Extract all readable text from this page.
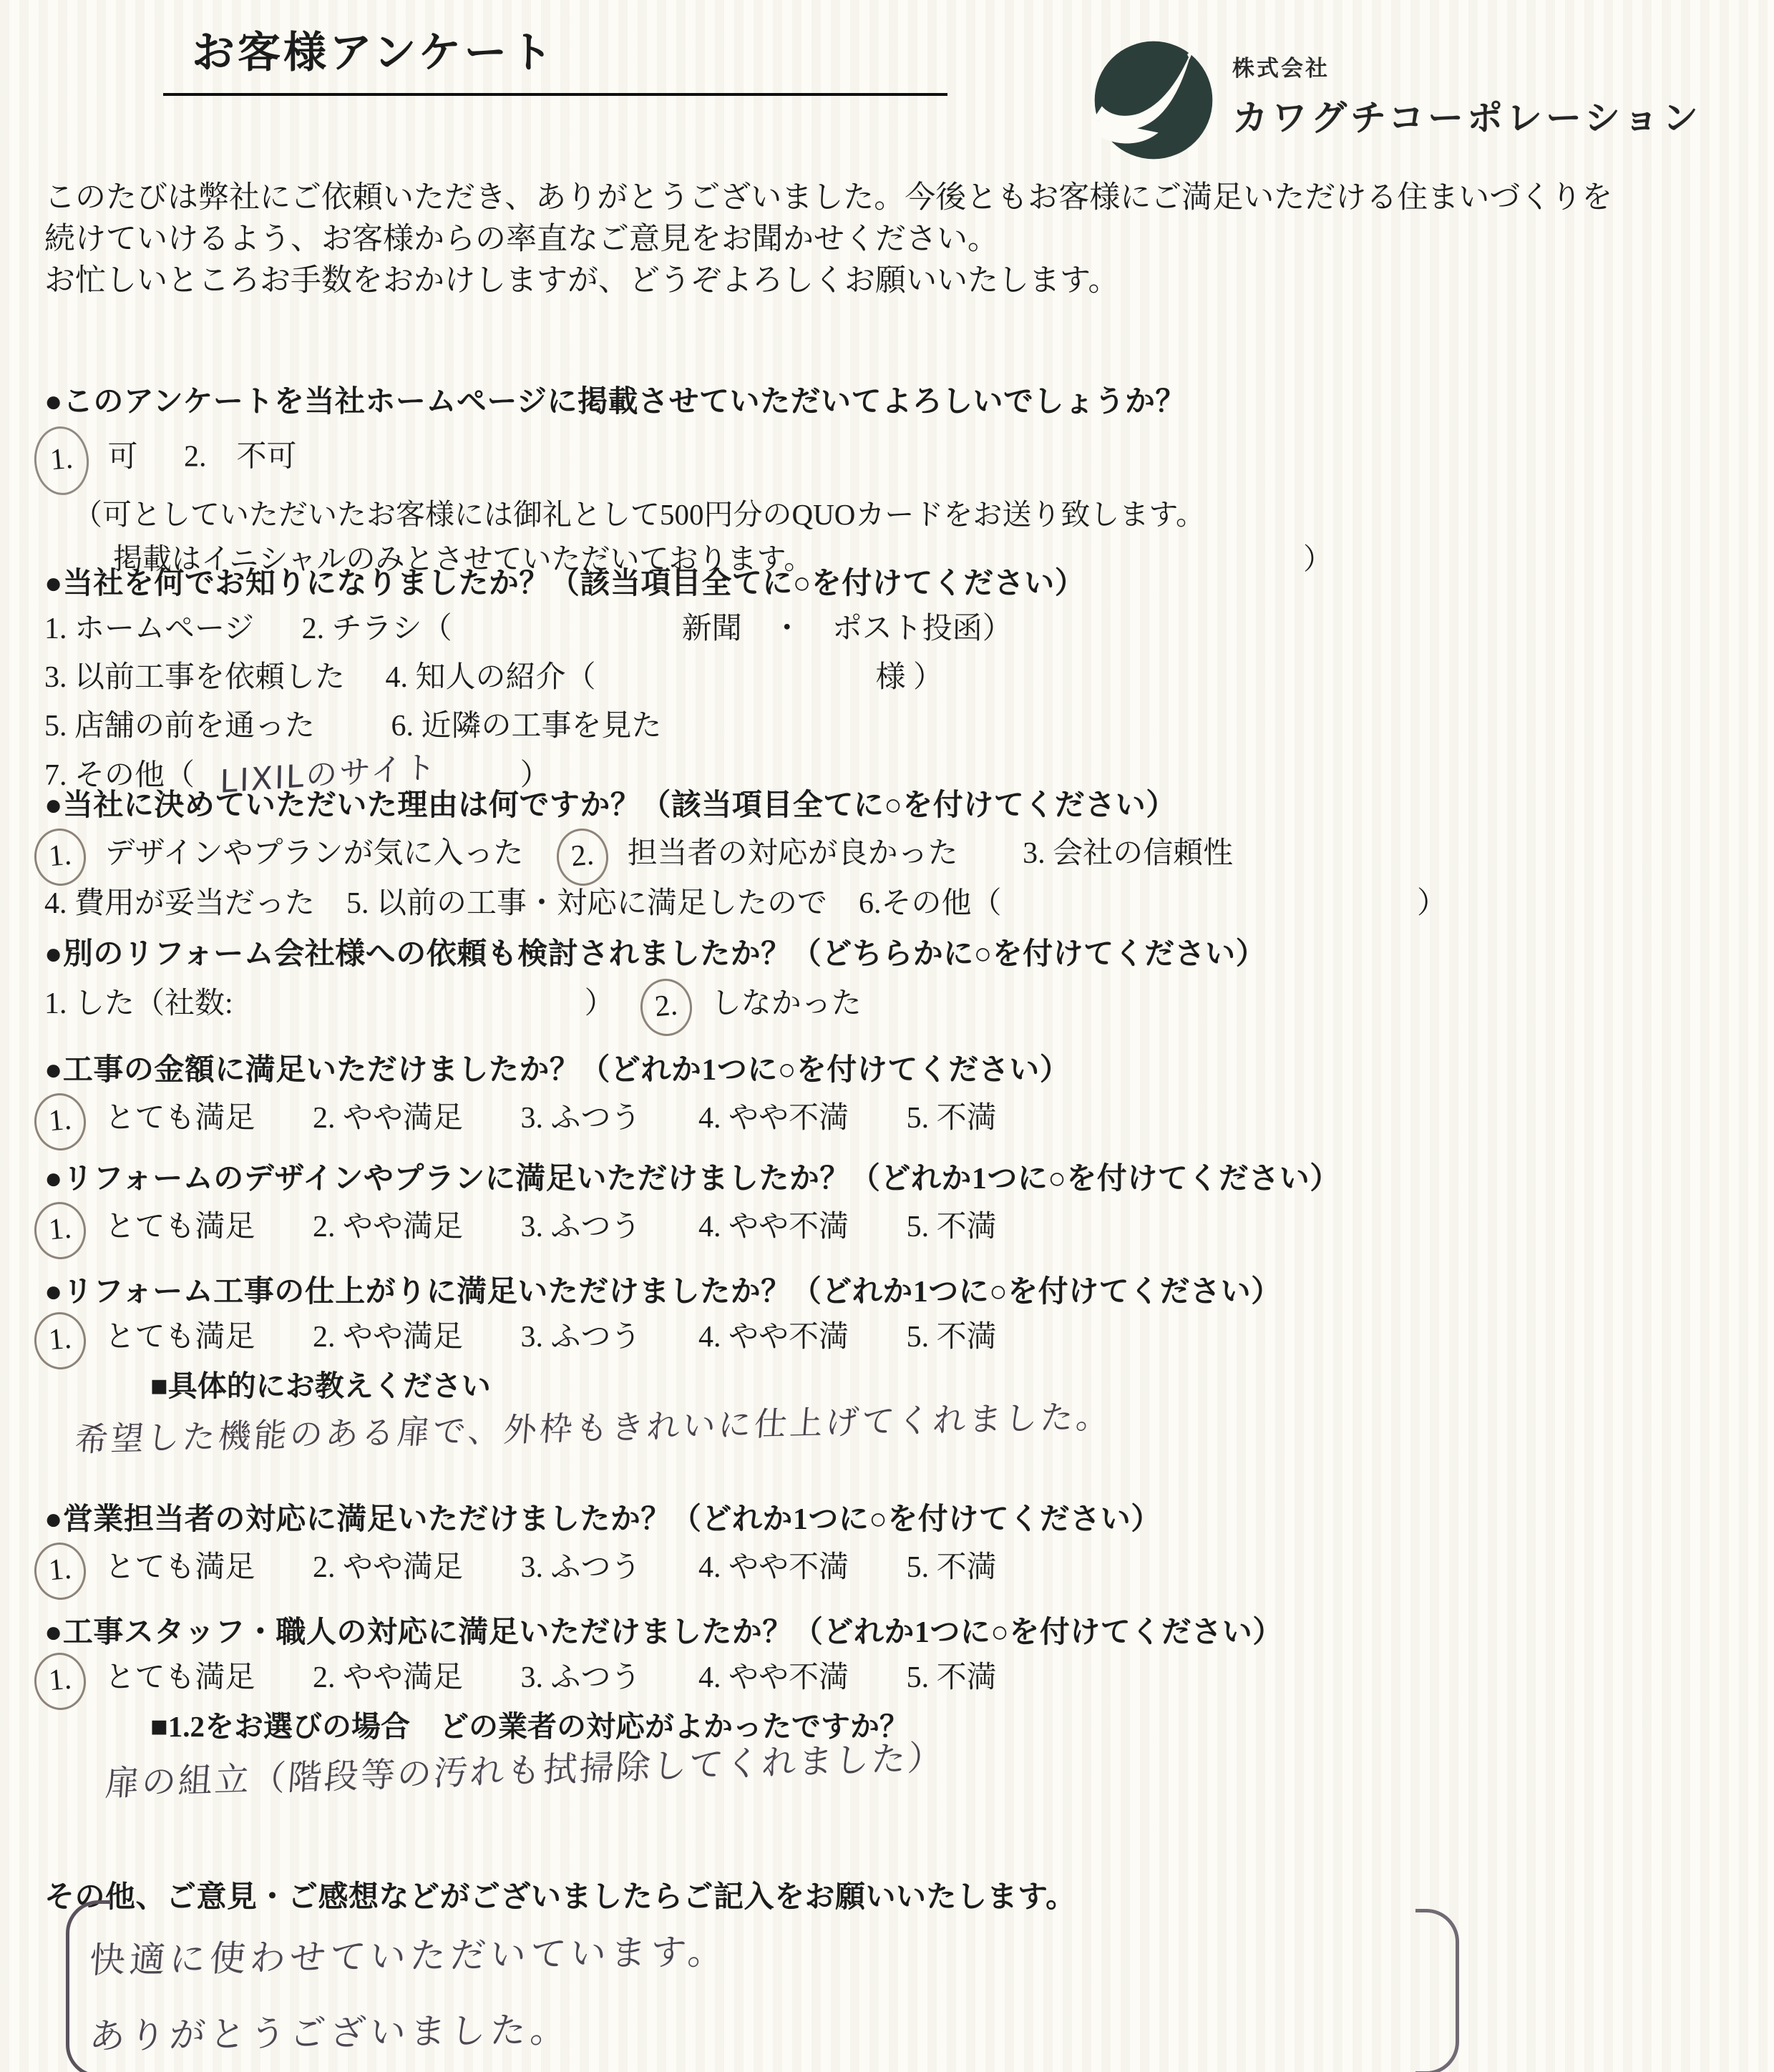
お客様アンケート	株式会社
カワグチコーポレーション
このたびは弊社にご依頼いただき、ありがとうございました。今後ともお客様にご満足いただける住まいづくりを
続けていけるよう、お客様からの率直なご意見をお聞かせください。
お忙しいところお手数をおかけしますが、どうぞよろしくお願いいたします。
●このアンケートを当社ホームページに掲載させていただいてよろしいでしょうか？
1. 可 2.　不可
（可としていただいたお客様には御礼として500円分のQUOカードをお送り致します。
掲載はイニシャルのみとさせていただいております。	）
●当社を何でお知りになりましたか？（該当項目全てに○を付けてください）
1. ホームページ 2. チラシ（	新聞　・　ポスト投函）
3. 以前工事を依頼した 4. 知人の紹介（	様 ）
5. 店舗の前を通った	6. 近隣の工事を見た
7. その他（ LIXILのサイト	）
●当社に決めていただいた理由は何ですか？（該当項目全てに○を付けてください）
1. デザインやプランが気に入った 2. 担当者の対応が良かった 3. 会社の信頼性
4. 費用が妥当だった 5. 以前の工事・対応に満足したので 6.その他（	）
●別のリフォーム会社様への依頼も検討されましたか？（どちらかに○を付けてください）
1. した（社数:	） 2. しなかった
●工事の金額に満足いただけましたか？（どれか1つに○を付けてください）
1. とても満足 2. やや満足 3. ふつう 4. やや不満 5. 不満
●リフォームのデザインやプランに満足いただけましたか？（どれか1つに○を付けてください）
1. とても満足 2. やや満足 3. ふつう 4. やや不満 5. 不満
●リフォーム工事の仕上がりに満足いただけましたか？（どれか1つに○を付けてください）
1. とても満足 2. やや満足 3. ふつう 4. やや不満 5. 不満
■具体的にお教えください
希望した機能のある扉で、外枠もきれいに仕上げてくれました。
●営業担当者の対応に満足いただけましたか？（どれか1つに○を付けてください）
1. とても満足 2. やや満足 3. ふつう 4. やや不満 5. 不満
●工事スタッフ・職人の対応に満足いただけましたか？（どれか1つに○を付けてください）
1. とても満足 2. やや満足 3. ふつう 4. やや不満 5. 不満
■1.2をお選びの場合　どの業者の対応がよかったですか？
扉の組立（階段等の汚れも拭掃除してくれました）
その他、ご意見・ご感想などがございましたらご記入をお願いいたします。
快適に使わせていただいています。
ありがとうございました。
